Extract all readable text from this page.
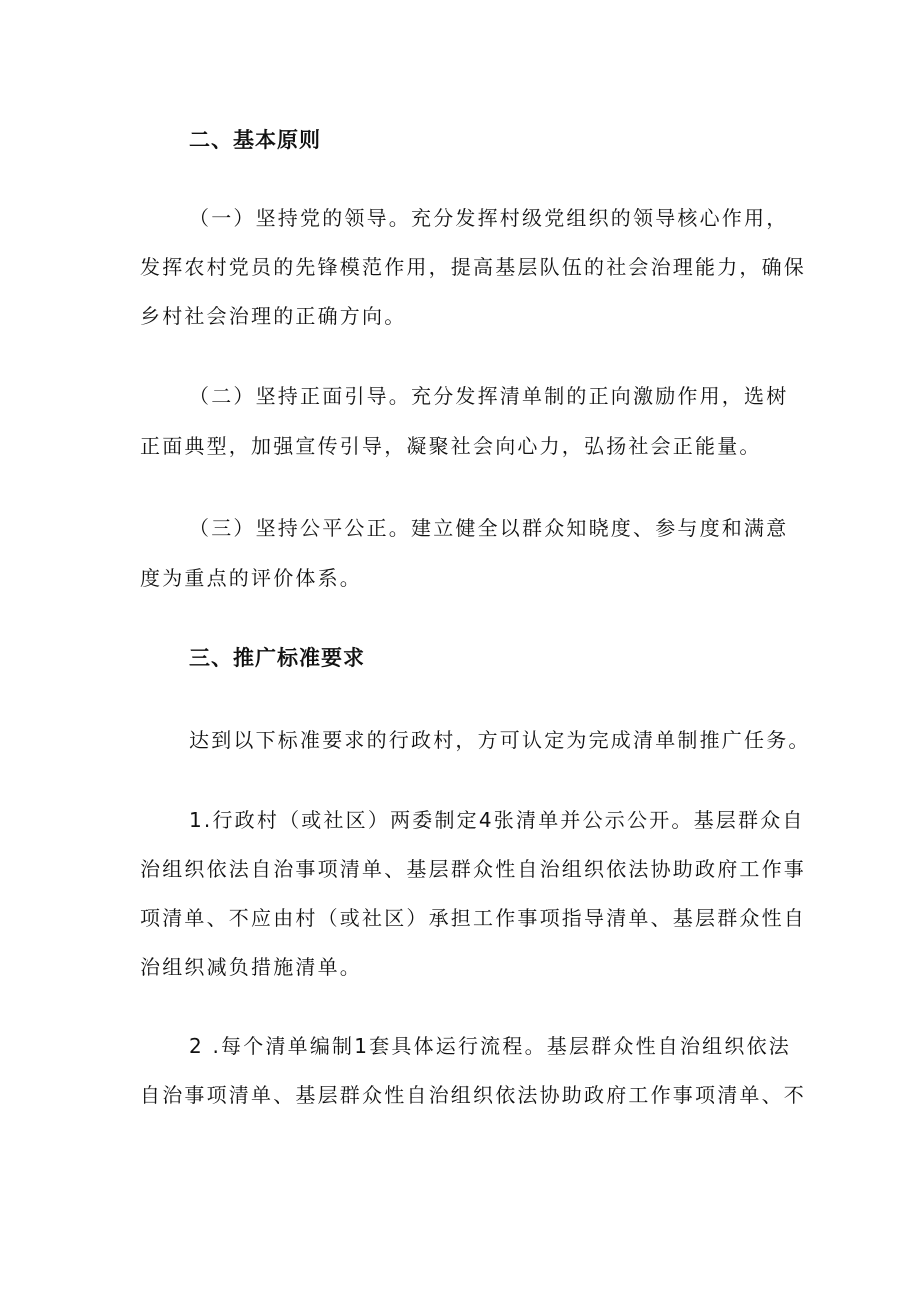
二、基本原则

（一）坚持党的领导。充分发挥村级党组织的领导核心作用，

发挥农村党员的先锋模范作用，提高基层队伍的社会治理能力，确保

乡村社会治理的正确方向。

（二）坚持正面引导。充分发挥清单制的正向激励作用，选树

正面典型，加强宣传引导，凝聚社会向心力，弘扬社会正能量。

（三）坚持公平公正。建立健全以群众知晓度、参与度和满意

度为重点的评价体系。

三、推广标准要求

达到以下标准要求的行政村，方可认定为完成清单制推广任务。

1.行政村（或社区）两委制定4张清单并公示公开。基层群众自

治组织依法自治事项清单、基层群众性自治组织依法协助政府工作事

项清单、不应由村（或社区）承担工作事项指导清单、基层群众性自

治组织减负措施清单。

2 .每个清单编制1套具体运行流程。基层群众性自治组织依法

自治事项清单、基层群众性自治组织依法协助政府工作事项清单、不
